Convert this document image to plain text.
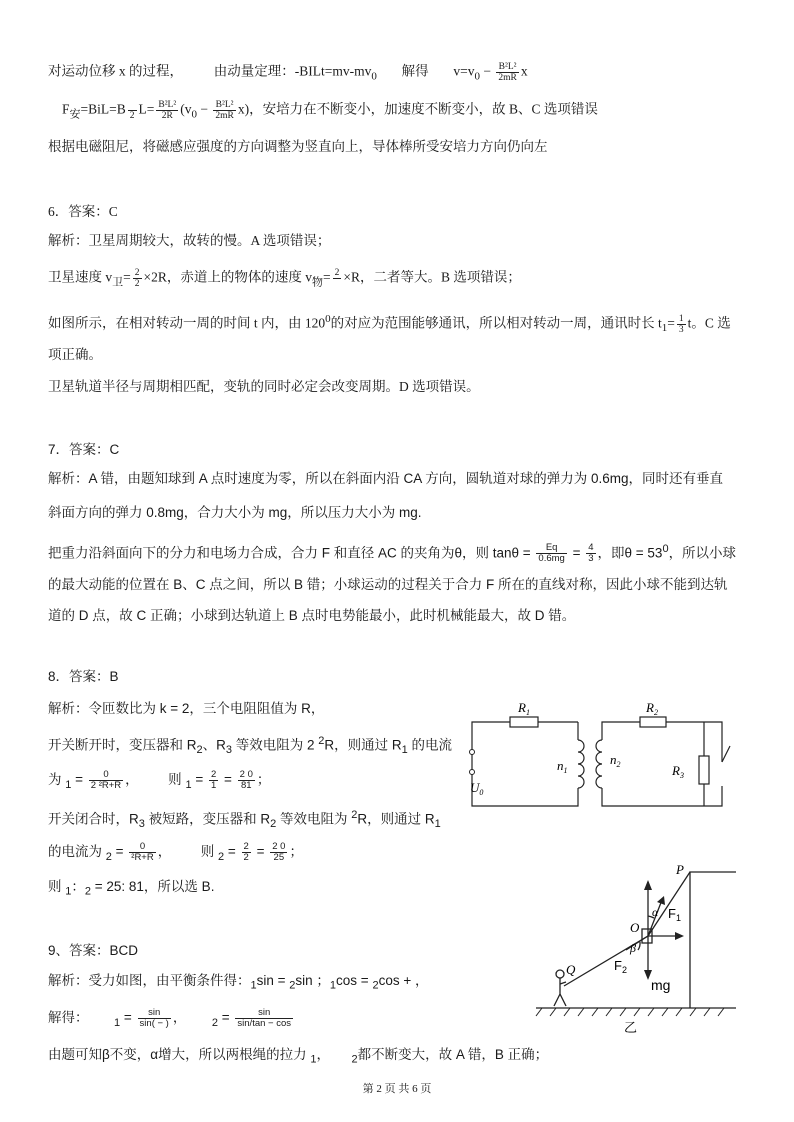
对运动位移 x 的过程， 由动量定理：$-BILt=mv-mv_0$ 解得 $v=v_0 - \frac{\text{B²L²}}{2mR}$ x
$F_安=BiL=B$
2 $L= \frac{\text{B²L²}}{2R} (v_0 - \frac{\text{B²L²}}{2mR} x)$，安培力在不断变小，加速度不断变小，故 B、C 选项错误
根据电磁阻尼，将磁感应强度的方向调整为竖直向上，导体棒所受安培力方向仍向左
6．答案：C
解析：卫星周期较大，故转的慢。A 选项错误；
卫星速度 $v_卫= \frac{2}{2} \times 2R$，赤道上的物体的速度 $v_物= 2$
×R，二者等大。B 选项错误；
如图所示，在相对转动一周的时间 t 内，由 $120^0$的对应为范围能够通讯，所以相对转动一周，通讯时长 $t_1= \frac{1}{3}$ t。C 选
项正确。
卫星轨道半径与周期相匹配，变轨的同时必定会改变周期。D 选项错误。
7．答案：C
解析：A 错，由题知球到 A 点时速度为零，所以在斜面内沿 CA 方向，圆轨道对球的弹力为 0.6mg，同时还有垂直
斜面方向的弹力 0.8mg，合力大小为 mg，所以压力大小为 mg.
把重力沿斜面向下的分力和电场力合成，合力 F 和直径 AC 的夹角为θ，则 $\tan\theta = \frac{Eq}{0.6mg} = \frac{4}{3}$ ，即$\theta = 53^0$，所以小球
的最大动能的位置在 B、C 点之间，所以 B 错；小球运动的过程关于合力 F 所在的直线对称，因此小球不能到达轨
道的 D 点，故 C 正确；小球到达轨道上 B 点时电势能最小，此时机械能最大，故 D 错。
8．答案：B
解析：令匝数比为 k = 2，三个电阻阻值为 R，
开关断开时，变压器和 $R_2$、$R_3$ 等效电阻为 2 $^2$R，则通过 $R_1$ 的电流
为 $_1 = \frac{0}{\text{2 ²R+R}}$ ， 则 $_1 = \frac{2}{1} = \frac{2 0}{81}$ ；
开关闭合时，$R_3$ 被短路，变压器和 $R_2$ 等效电阻为 $^2$R，则通过 $R_1$
的电流为 $_2 = \frac{0}{\text{²R+R}}$ ， 则 $_2 = \frac{2}{2} = \frac{2 0}{25}$ ；
则 $_1$：$_2$ = 25: 81，所以选 B.
$R_1$	$R_2$
$R_3$
$U_0$
$n_1$
$n_2$
9、答案：BCD
解析：受力如图，由平衡条件得：$_1$sin = $_2$sin ；$_1$cos = $_2$cos + ，
解得： $_1 = \frac{\sin}{\sin( - )}$ ， $_2 = \frac{\sin}{\sin/\tan - \cos}$
由题可知β不变，α增大，所以两根绳的拉力 $_1$， $_2$都不断变大，故 A 错，B 正确；
P
O
Q
α
β
$F_1$
$F_2$
mg
乙
第 2 页 共 6 页
